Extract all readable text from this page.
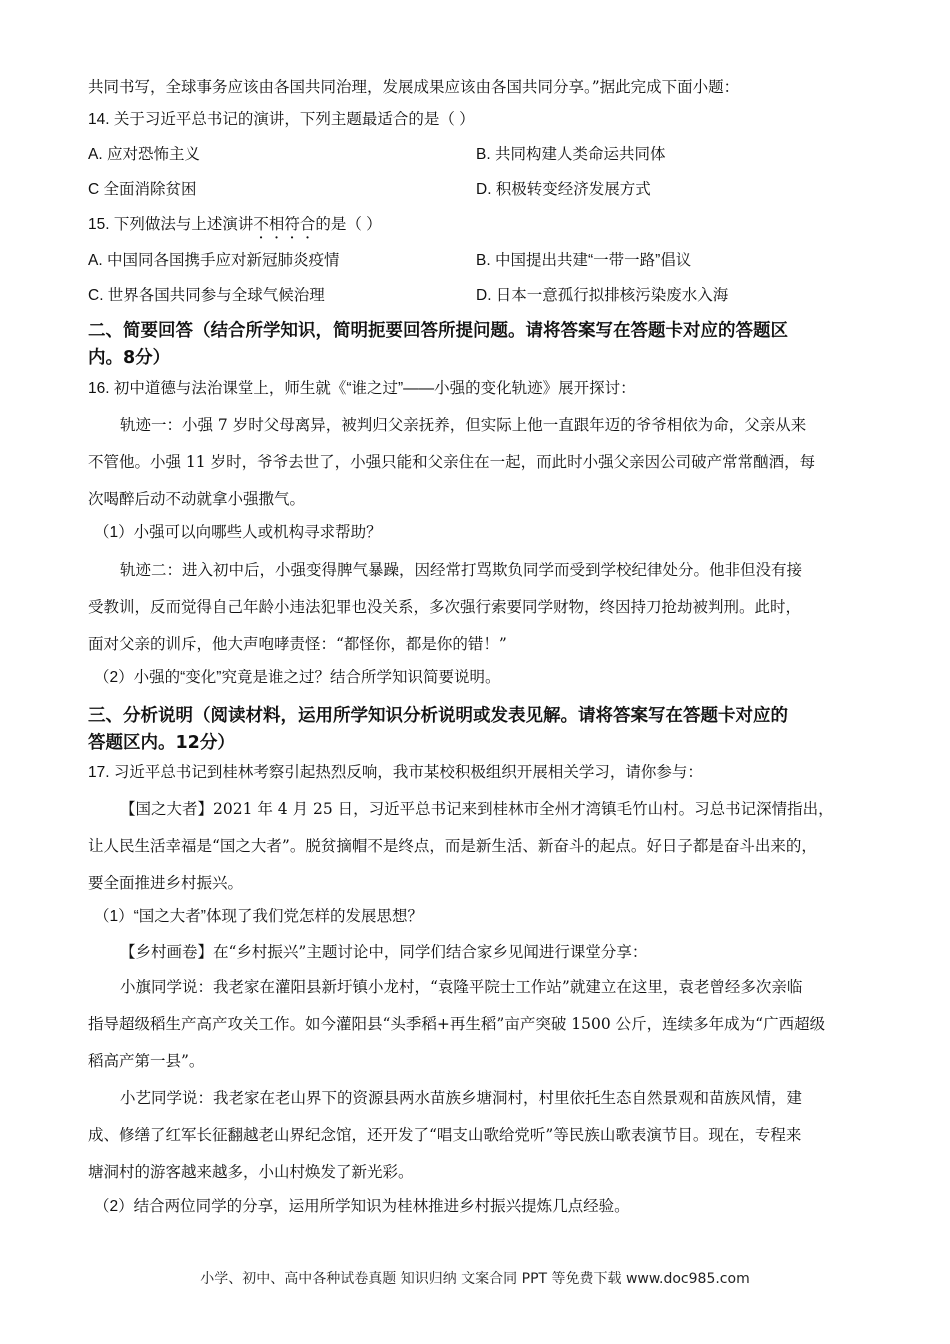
共同书写，全球事务应该由各国共同治理，发展成果应该由各国共同分享。”据此完成下面小题：
14. 关于习近平总书记的演讲，下列主题最适合的是（ ）
A. 应对恐怖主义	B. 共同构建人类命运共同体
C 全面消除贫困	D. 积极转变经济发展方式
15. 下列做法与上述演讲不相符合的是（ ）
A. 中国同各国携手应对新冠肺炎疫情	B. 中国提出共建“一带一路”倡议
C. 世界各国共同参与全球气候治理	D. 日本一意孤行拟排核污染废水入海
二、简要回答（结合所学知识，简明扼要回答所提问题。请将答案写在答题卡对应的答题区
内。8分）
16. 初中道德与法治课堂上，师生就《“谁之过”——小强的变化轨迹》展开探讨：
轨迹一：小强 7 岁时父母离异，被判归父亲抚养，但实际上他一直跟年迈的爷爷相依为命，父亲从来
不管他。小强 11 岁时，爷爷去世了，小强只能和父亲住在一起，而此时小强父亲因公司破产常常酗酒，每
次喝醉后动不动就拿小强撒气。
（1）小强可以向哪些人或机构寻求帮助？
轨迹二：进入初中后，小强变得脾气暴躁，因经常打骂欺负同学而受到学校纪律处分。他非但没有接
受教训，反而觉得自己年龄小违法犯罪也没关系，多次强行索要同学财物，终因持刀抢劫被判刑。此时，
面对父亲的训斥，他大声咆哮责怪：“都怪你，都是你的错！”
（2）小强的“变化”究竟是谁之过？结合所学知识简要说明。
三、分析说明（阅读材料，运用所学知识分析说明或发表见解。请将答案写在答题卡对应的
答题区内。12分）
17. 习近平总书记到桂林考察引起热烈反响，我市某校积极组织开展相关学习，请你参与：
【国之大者】2021 年 4 月 25 日，习近平总书记来到桂林市全州才湾镇毛竹山村。习总书记深情指出，
让人民生活幸福是“国之大者”。脱贫摘帽不是终点，而是新生活、新奋斗的起点。好日子都是奋斗出来的，
要全面推进乡村振兴。
（1）“国之大者”体现了我们党怎样的发展思想？
【乡村画卷】在“乡村振兴”主题讨论中，同学们结合家乡见闻进行课堂分享：
小旗同学说：我老家在灌阳县新圩镇小龙村，“袁隆平院士工作站”就建立在这里，袁老曾经多次亲临
指导超级稻生产高产攻关工作。如今灌阳县“头季稻+再生稻”亩产突破 1500 公斤，连续多年成为“广西超级
稻高产第一县”。
小艺同学说：我老家在老山界下的资源县两水苗族乡塘洞村，村里依托生态自然景观和苗族风情，建
成、修缮了红军长征翻越老山界纪念馆，还开发了“唱支山歌给党听”等民族山歌表演节目。现在，专程来
塘洞村的游客越来越多，小山村焕发了新光彩。
（2）结合两位同学的分享，运用所学知识为桂林推进乡村振兴提炼几点经验。
小学、初中、高中各种试卷真题 知识归纳 文案合同 PPT 等免费下载 www.doc985.com
